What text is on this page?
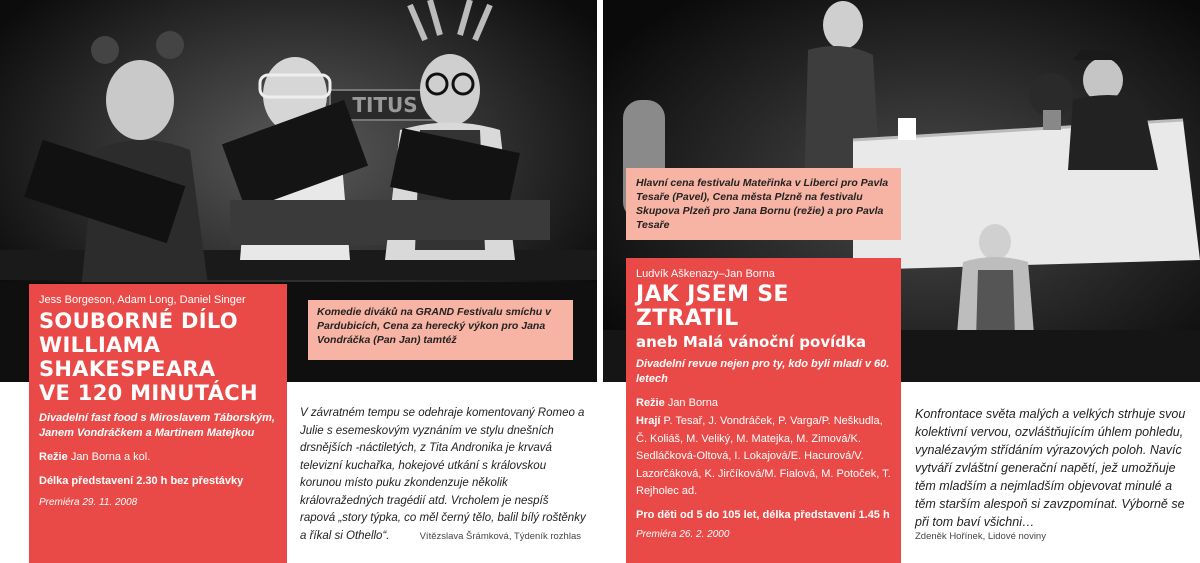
TITUS

Jess Borgeson, Adam Long, Daniel Singer

SOUBORNÉ DÍLO
WILLIAMA
SHAKESPEARA
VE 120 MINUTÁCH

Divadelní fast food s Miroslavem Táborským, Janem Vondráčkem a Martinem Matejkou

Režie Jan Borna a kol.

Délka představení 2.30 h bez přestávky

Premiéra 29. 11. 2008
Komedie diváků na GRAND Festivalu smíchu v Pardubicích, Cena za herecký výkon pro Jana Vondráčka (Pan Jan) tamtéž

V závratném tempu se odehraje komentovaný Romeo a Julie s esemeskovým vyznáním ve stylu dnešních drsnějších -náctiletých, z Tita Andronika je krvavá televizní kuchařka, hokejové utkání s královskou korunou místo puku zkondenzuje několik královražedných tragédií atd. Vrcholem je nespíš rapová „story týpka, co měl černý tělo, balil bílý roštěnky a říkal si Othello“.	Vítězslava Šrámková, Týdeník rozhlas
Hlavní cena festivalu Mateřinka v Liberci pro Pavla Tesaře (Pavel), Cena města Plzně na festivalu Skupova Plzeň pro Jana Bornu (režie) a pro Pavla Tesaře

Ludvík Aškenazy–Jan Borna

JAK JSEM SE ZTRATIL

aneb Malá vánoční povídka

Divadelní revue nejen pro ty, kdo byli mladí v 60. letech

Režie Jan Borna

Hrají P. Tesař, J. Vondráček, P. Varga/P. Neškudla, Č. Koliáš, M. Veliký, M. Matejka, M. Zimová/K. Sedláčková-Oltová, I. Lokajová/E. Hacurová/V. Lazorčáková, K. Jirčíková/M. Fialová, M. Potoček, T. Rejholec ad.

Pro děti od 5 do 105 let, délka představení 1.45 h

Premiéra 26. 2. 2000

Konfrontace světa malých a velkých strhuje svou kolektivní vervou, ozvláštňujícím úhlem pohledu, vynalézavým střídáním výrazových poloh. Navíc vytváří zvláštní generační napětí, jež umožňuje těm mladším a nejmladším objevovat minulé a těm starším alespoň si zavzpomínat. Výborně se při tom baví všichni…

Zdeněk Hořínek, Lidové noviny
